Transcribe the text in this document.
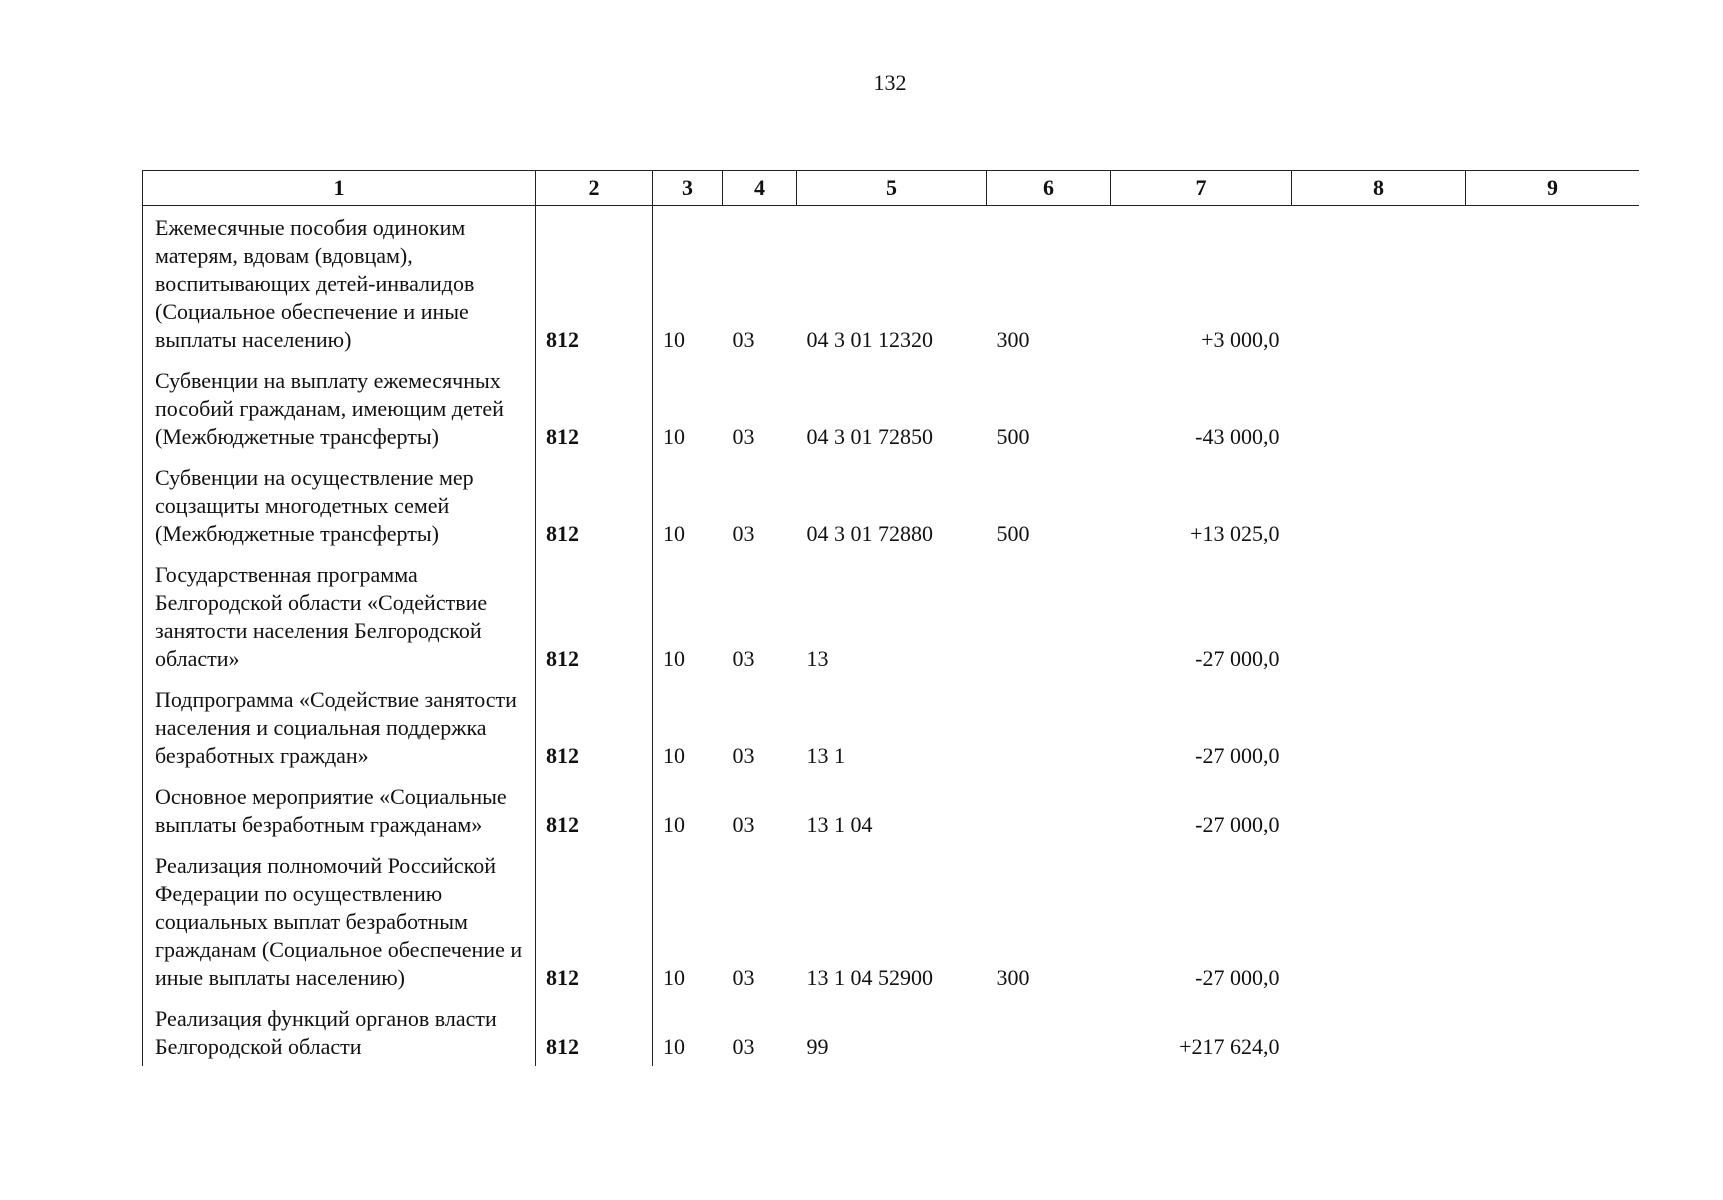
132
1	2	3	4	5	6	7	8	9
Ежемесячные пособия одиноким матерям, вдовам (вдовцам), воспитывающих детей-инвалидов (Социальное обеспечение и иные выплаты населению)	812	10	03	04 3 01 12320	300	+3 000,0		
Субвенции на выплату ежемесячных пособий гражданам, имеющим детей (Межбюджетные трансферты)	812	10	03	04 3 01 72850	500	-43 000,0		
Субвенции на осуществление мер соцзащиты многодетных семей (Межбюджетные трансферты)	812	10	03	04 3 01 72880	500	+13 025,0		
Государственная программа Белгородской области «Содействие занятости населения Белгородской области»	812	10	03	13		-27 000,0		
Подпрограмма «Содействие занятости населения и социальная поддержка безработных граждан»	812	10	03	13 1		-27 000,0		
Основное мероприятие «Социальные выплаты безработным гражданам»	812	10	03	13 1 04		-27 000,0		
Реализация полномочий Российской Федерации по осуществлению социальных выплат безработным гражданам (Социальное обеспечение и иные выплаты населению)	812	10	03	13 1 04 52900	300	-27 000,0		
Реализация функций органов власти Белгородской области	812	10	03	99		+217 624,0		
